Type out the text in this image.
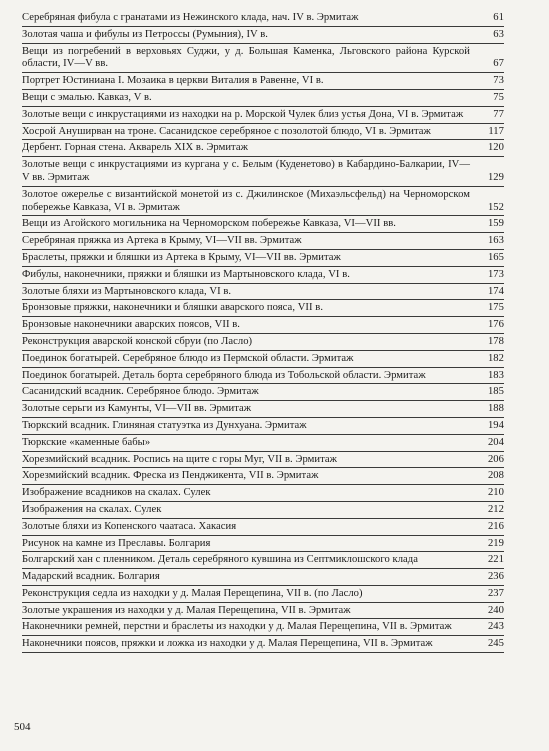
Серебряная фибула с гранатами из Нежинского клада, нач. IV в. Эрмитаж	61
Золотая чаша и фибулы из Петроссы (Румыния), IV в.	63
Вещи из погребений в верховьях Суджи, у д. Большая Каменка, Льговского района Курской области, IV—V вв.	67
Портрет Юстиниана I. Мозаика в церкви Виталия в Равенне, VI в.	73
Вещи с эмалью. Кавказ, V в.	75
Золотые вещи с инкрустациями из находки на р. Морской Чулек близ устья Дона, VI в. Эрмитаж	77
Хосрой Ануширван на троне. Сасанидское серебряное с позолотой блюдо, VI в. Эрмитаж	117
Дербент. Горная стена. Акварель XIX в. Эрмитаж	120
Золотые вещи с инкрустациями из кургана у с. Белым (Куденетово) в Кабардино-Балкарии, IV—V вв. Эрмитаж	129
Золотое ожерелье с византийской монетой из с. Джилинское (Михаэльсфельд) на Черноморском побережье Кавказа, VI в. Эрмитаж	152
Вещи из Агойского могильника на Черноморском побережье Кавказа, VI—VII вв.	159
Серебряная пряжка из Артека в Крыму, VI—VII вв. Эрмитаж	163
Браслеты, пряжки и бляшки из Артека в Крыму, VI—VII вв. Эрмитаж	165
Фибулы, наконечники, пряжки и бляшки из Мартыновского клада, VI в.	173
Золотые бляхи из Мартыновского клада, VI в.	174
Бронзовые пряжки, наконечники и бляшки аварского пояса, VII в.	175
Бронзовые наконечники аварских поясов, VII в.	176
Реконструкция аварской конской сбруи (по Ласло)	178
Поединок богатырей. Серебряное блюдо из Пермской области. Эрмитаж	182
Поединок богатырей. Деталь борта серебряного блюда из Тобольской области. Эрмитаж	183
Сасанидский всадник. Серебряное блюдо. Эрмитаж	185
Золотые серьги из Камунты, VI—VII вв. Эрмитаж	188
Тюркский всадник. Глиняная статуэтка из Дунхуана. Эрмитаж	194
Тюркские «каменные бабы»	204
Хорезмийский всадник. Роспись на щите с горы Муг, VII в. Эрмитаж	206
Хорезмийский всадник. Фреска из Пенджикента, VII в. Эрмитаж	208
Изображение всадников на скалах. Сулек	210
Изображения на скалах. Сулек	212
Золотые бляхи из Копенского чаатаса. Хакасия	216
Рисунок на камне из Преславы. Болгария	219
Болгарский хан с пленником. Деталь серебряного кувшина из Септмиклошского клада	221
Мадарский всадник. Болгария	236
Реконструкция седла из находки у д. Малая Перещепина, VII в. (по Ласло)	237
Золотые украшения из находки у д. Малая Перещепина, VII в. Эрмитаж	240
Наконечники ремней, перстни и браслеты из находки у д. Малая Перещепина, VII в. Эрмитаж	243
Наконечники поясов, пряжки и ложка из находки у д. Малая Перещепина, VII в. Эрмитаж	245
504
